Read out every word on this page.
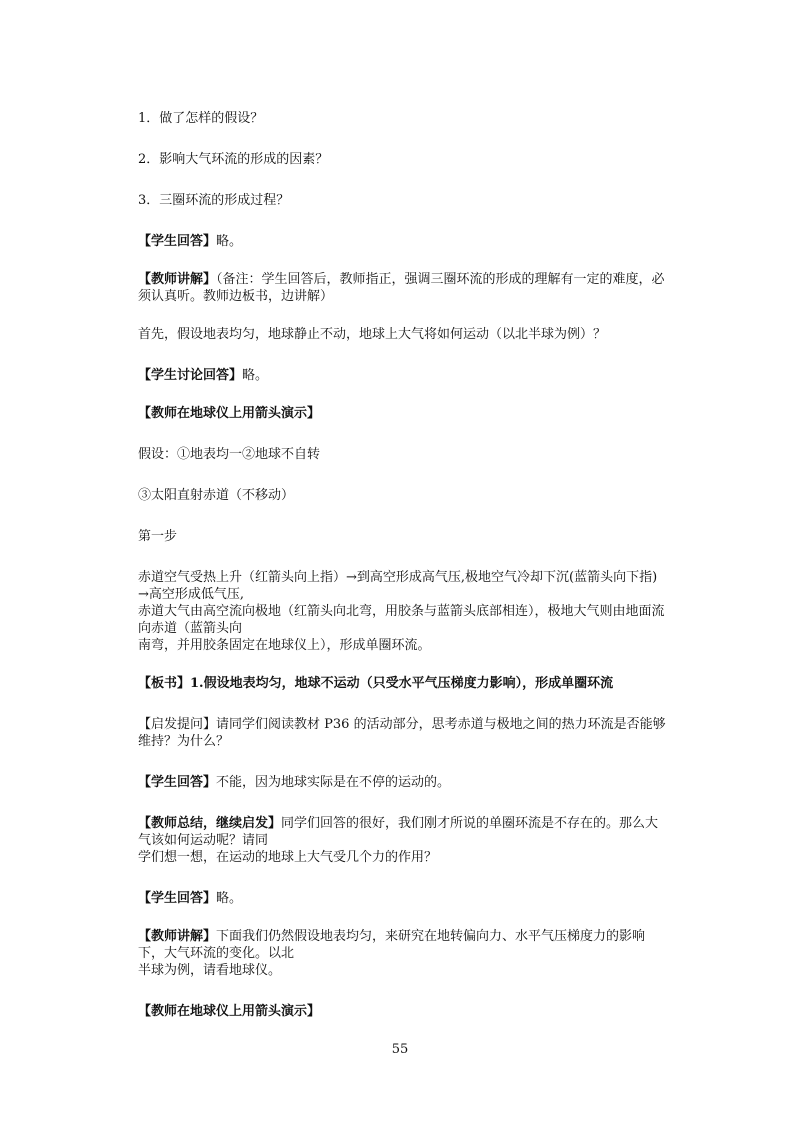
1．做了怎样的假设？

2．影响大气环流的形成的因素？

3．三圈环流的形成过程？

【学生回答】略。

【教师讲解】（备注：学生回答后，教师指正，强调三圈环流的形成的理解有一定的难度，必须认真听。教师边板书，边讲解）

首先，假设地表均匀，地球静止不动，地球上大气将如何运动（以北半球为例）？

【学生讨论回答】略。

【教师在地球仪上用箭头演示】

假设：①地表均一②地球不自转

③太阳直射赤道（不移动）

第一步

赤道空气受热上升（红箭头向上指）→到高空形成高气压,极地空气冷却下沉(蓝箭头向下指)→高空形成低气压,

赤道大气由高空流向极地（红箭头向北弯，用胶条与蓝箭头底部相连），极地大气则由地面流向赤道（蓝箭头向

南弯，并用胶条固定在地球仪上），形成单圈环流。

【板书】1.假设地表均匀，地球不运动（只受水平气压梯度力影响），形成单圈环流

【启发提问】请同学们阅读教材 P36 的活动部分，思考赤道与极地之间的热力环流是否能够维持？为什么？

【学生回答】不能，因为地球实际是在不停的运动的。

【教师总结，继续启发】同学们回答的很好，我们刚才所说的单圈环流是不存在的。那么大气该如何运动呢？请同

学们想一想，在运动的地球上大气受几个力的作用？

【学生回答】略。

【教师讲解】下面我们仍然假设地表均匀，来研究在地转偏向力、水平气压梯度力的影响下，大气环流的变化。以北

半球为例，请看地球仪。

【教师在地球仪上用箭头演示】

55
